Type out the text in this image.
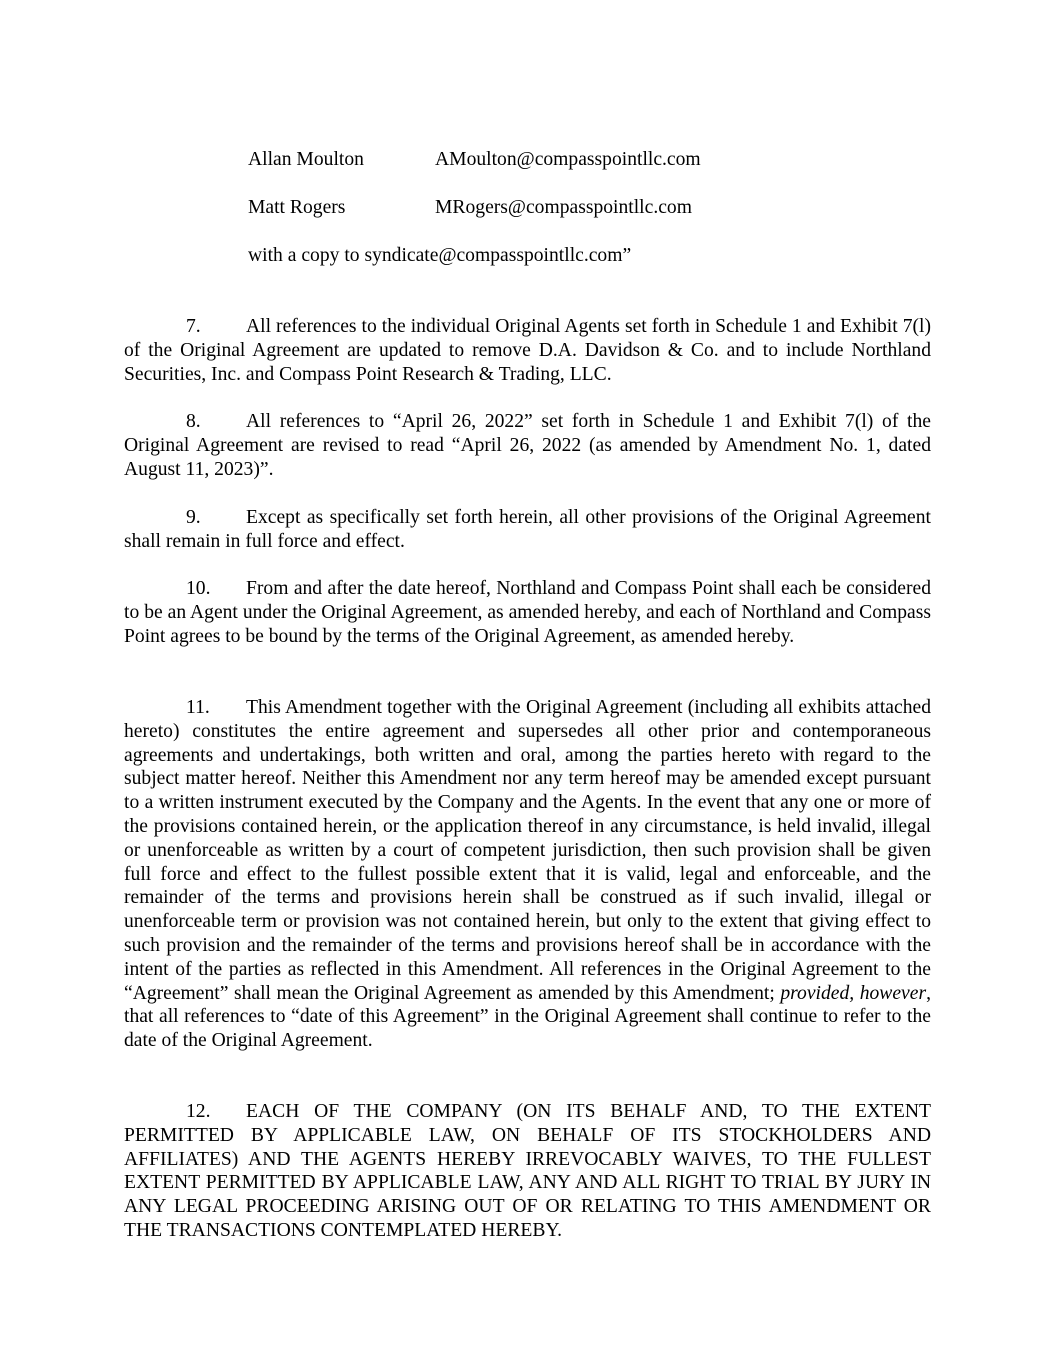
Allan Moulton	AMoulton@compasspointllc.com
Matt Rogers	MRogers@compasspointllc.com
with a copy to syndicate@compasspointllc.com”

7. All references to the individual Original Agents set forth in Schedule 1 and Exhibit 7(l) of the Original Agreement are updated to remove D.A. Davidson & Co. and to include Northland Securities, Inc. and Compass Point Research & Trading, LLC.

8. All references to “April 26, 2022” set forth in Schedule 1 and Exhibit 7(l) of the Original Agreement are revised to read “April 26, 2022 (as amended by Amendment No. 1, dated August 11, 2023)”.

9. Except as specifically set forth herein, all other provisions of the Original Agreement shall remain in full force and effect.

10. From and after the date hereof, Northland and Compass Point shall each be considered to be an Agent under the Original Agreement, as amended hereby, and each of Northland and Compass Point agrees to be bound by the terms of the Original Agreement, as amended hereby.

11. This Amendment together with the Original Agreement (including all exhibits attached hereto) constitutes the entire agreement and supersedes all other prior and contemporaneous agreements and undertakings, both written and oral, among the parties hereto with regard to the subject matter hereof. Neither this Amendment nor any term hereof may be amended except pursuant to a written instrument executed by the Company and the Agents. In the event that any one or more of the provisions contained herein, or the application thereof in any circumstance, is held invalid, illegal or unenforceable as written by a court of competent jurisdiction, then such provision shall be given full force and effect to the fullest possible extent that it is valid, legal and enforceable, and the remainder of the terms and provisions herein shall be construed as if such invalid, illegal or unenforceable term or provision was not contained herein, but only to the extent that giving effect to such provision and the remainder of the terms and provisions hereof shall be in accordance with the intent of the parties as reflected in this Amendment. All references in the Original Agreement to the “Agreement” shall mean the Original Agreement as amended by this Amendment; provided, however, that all references to “date of this Agreement” in the Original Agreement shall continue to refer to the date of the Original Agreement.

12. EACH OF THE COMPANY (ON ITS BEHALF AND, TO THE EXTENT PERMITTED BY APPLICABLE LAW, ON BEHALF OF ITS STOCKHOLDERS AND AFFILIATES) AND THE AGENTS HEREBY IRREVOCABLY WAIVES, TO THE FULLEST EXTENT PERMITTED BY APPLICABLE LAW, ANY AND ALL RIGHT TO TRIAL BY JURY IN ANY LEGAL PROCEEDING ARISING OUT OF OR RELATING TO THIS AMENDMENT OR THE TRANSACTIONS CONTEMPLATED HEREBY.
